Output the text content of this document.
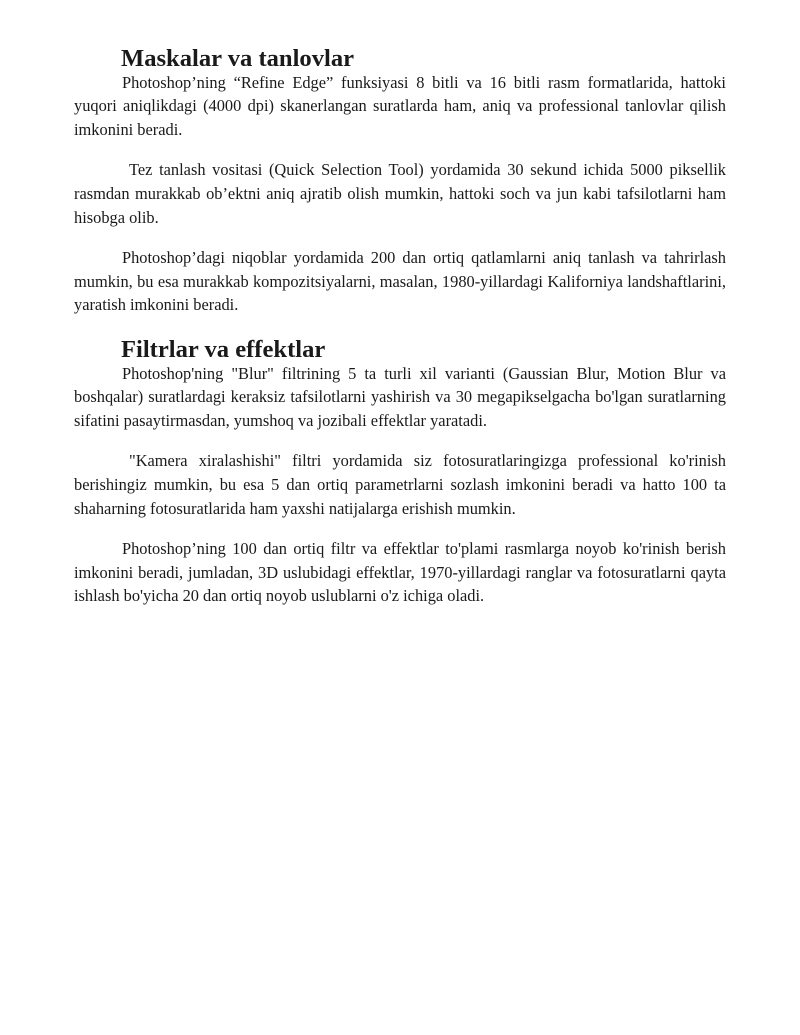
Maskalar va tanlovlar

Photoshop’ning “Refine Edge” funksiyasi 8 bitli va 16 bitli rasm formatlarida, hattoki yuqori aniqlikdagi (4000 dpi) skanerlangan suratlarda ham, aniq va professional tanlovlar qilish imkonini beradi.

Tez tanlash vositasi (Quick Selection Tool) yordamida 30 sekund ichida 5000 piksellik rasmdan murakkab ob’ektni aniq ajratib olish mumkin, hattoki soch va jun kabi tafsilotlarni ham hisobga olib.

Photoshop’dagi niqoblar yordamida 200 dan ortiq qatlamlarni aniq tanlash va tahrirlash mumkin, bu esa murakkab kompozitsiyalarni, masalan, 1980-yillardagi Kaliforniya landshaftlarini, yaratish imkonini beradi.

Filtrlar va effektlar

Photoshop'ning "Blur" filtrining 5 ta turli xil varianti (Gaussian Blur, Motion Blur va boshqalar) suratlardagi keraksiz tafsilotlarni yashirish va 30 megapikselgacha bo'lgan suratlarning sifatini pasaytirmasdan, yumshoq va jozibali effektlar yaratadi.

"Kamera xiralashishi" filtri yordamida siz fotosuratlaringizga professional ko'rinish berishingiz mumkin, bu esa 5 dan ortiq parametrlarni sozlash imkonini beradi va hatto 100 ta shaharning fotosuratlarida ham yaxshi natijalarga erishish mumkin.

Photoshop’ning 100 dan ortiq filtr va effektlar to'plami rasmlarga noyob ko'rinish berish imkonini beradi, jumladan, 3D uslubidagi effektlar, 1970-yillardagi ranglar va fotosuratlarni qayta ishlash bo'yicha 20 dan ortiq noyob uslublarni o'z ichiga oladi.
